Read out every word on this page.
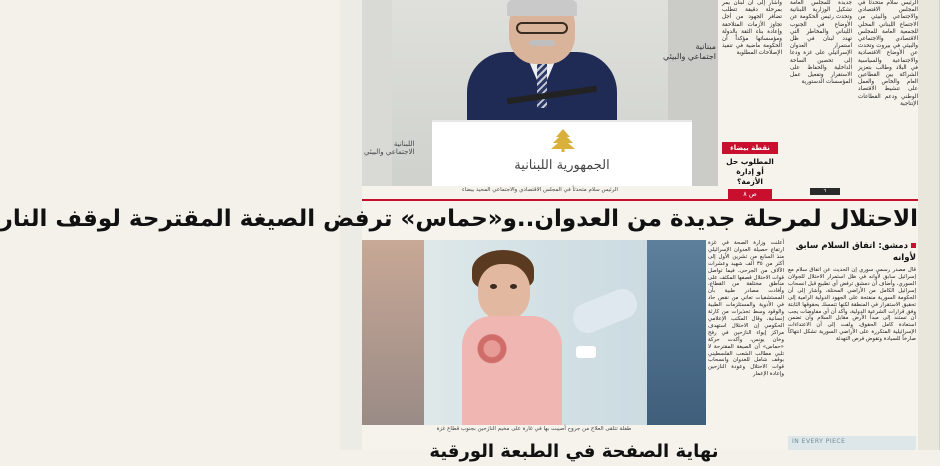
اللبنانية
الاجتماعي والبيئي
مبنانية
اجتماعي والبيئي
الجمهورية اللبنانية
الرئيس سلام متحدثاً في المجلس الاقتصادي والاجتماعي المحيد بيضاء
الرئيس سلام متحدثاً في المجلس الاقتصادي والاجتماعي والبيئي من الاجتماع اللبناني المحلي للجمعية العامة للمجلس الاقتصادي والاجتماعي والبيئي في بيروت وتحدث عن الأوضاع الاقتصادية والاجتماعية والسياسية في البلاد وطالب بتعزيز الشراكة بين القطاعين العام والخاص والعمل على تنشيط الاقتصاد الوطني ودعم القطاعات الإنتاجية
جديدة للمجلس العامة تشكيل الوزارية اللبنانية وتحدث رئيس الحكومة عن الأوضاع في الجنوب اللبناني والمخاطر التي تهدد لبنان في ظل استمرار العدوان الإسرائيلي على غزة ودعا إلى تحصين الساحة الداخلية والحفاظ على الاستقرار وتفعيل عمل المؤسسات الدستورية
وأشار إلى أن لبنان يمر بمرحلة دقيقة تتطلب تضافر الجهود من أجل تجاوز الأزمات المتلاحقة وإعادة بناء الثقة بالدولة ومؤسساتها مؤكداً أن الحكومة ماضية في تنفيذ الإصلاحات المطلوبة
نقطة بيضاء
المطلوب حل أو إدارة الأزمة؟
ص ٨	٦
الاحتلال لمرحلة جديدة من العدوان..و«حماس» ترفض الصيغة المقترحة لوقف النار
طفلة تتلقى العلاج من جروح أصيبت بها في غارة على مخيم النازحين بجنوب قطاع غزة
أعلنت وزارة الصحة في غزة ارتفاع حصيلة العدوان الإسرائيلي منذ السابع من تشرين الأول إلى أكثر من ٣٥ ألف شهيد وعشرات الآلاف من الجرحى، فيما تواصل قوات الاحتلال قصفها المكثف على مناطق مختلفة من القطاع، وأفادت مصادر طبية بأن المستشفيات تعاني من نقص حاد في الأدوية والمستلزمات الطبية والوقود وسط تحذيرات من كارثة إنسانية، وقال المكتب الإعلامي الحكومي إن الاحتلال استهدف مراكز إيواء النازحين في رفح وخان يونس، وأكدت حركة «حماس» أن الصيغة المقترحة لا تلبي مطالب الشعب الفلسطيني بوقف شامل للعدوان وانسحاب قوات الاحتلال وعودة النازحين وإعادة الإعمار
دمشق: اتفاق السلام سابق لأوانه
قال مصدر رسمي سوري إن الحديث عن اتفاق سلام مع إسرائيل سابق لأوانه في ظل استمرار الاحتلال للجولان السوري، وأضاف أن دمشق ترفض أي تطبيع قبل انسحاب إسرائيل الكامل من الأراضي المحتلة، وأشار إلى أن الحكومة السورية منفتحة على الجهود الدولية الرامية إلى تحقيق الاستقرار في المنطقة لكنها تتمسك بحقوقها الثابتة وفق قرارات الشرعية الدولية، وأكد أن أي مفاوضات يجب أن تستند إلى مبدأ الأرض مقابل السلام وأن تضمن استعادة كامل الحقوق، ولفت إلى أن الاعتداءات الإسرائيلية المتكررة على الأراضي السورية تشكل انتهاكاً صارخاً للسيادة وتقوض فرص التهدئة
IN EVERY PIECE
نهاية الصفحة في الطبعة الورقية
